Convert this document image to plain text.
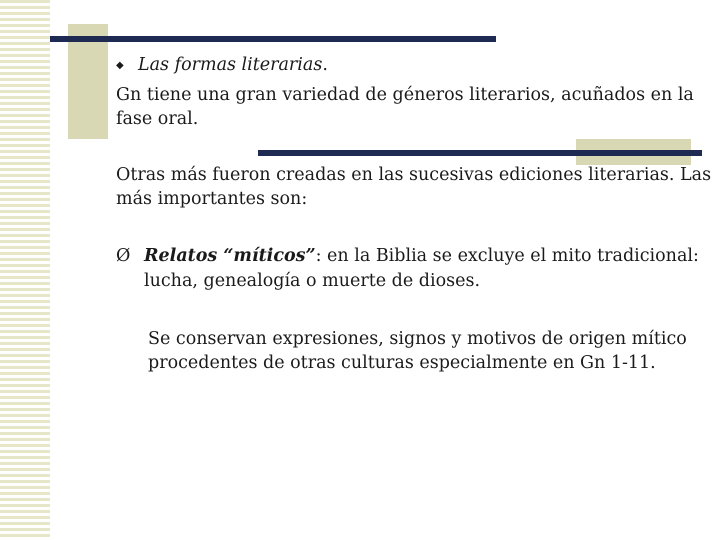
◆ Las formas literarias.
Gn tiene una gran variedad de géneros literarios, acuñados en la
fase oral.
Otras más fueron creadas en las sucesivas ediciones literarias. Las
más importantes son:
Ø Relatos “míticos”: en la Biblia se excluye el mito tradicional:
lucha, genealogía o muerte de dioses.
Se conservan expresiones, signos y motivos de origen mítico
procedentes de otras culturas especialmente en Gn 1-11.
